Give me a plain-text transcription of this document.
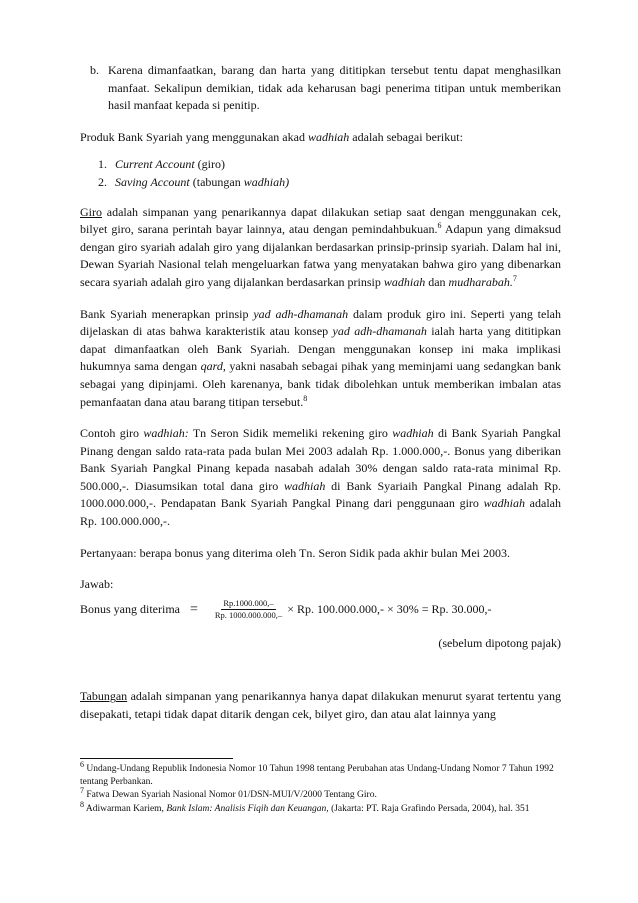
b. Karena dimanfaatkan, barang dan harta yang dititipkan tersebut tentu dapat menghasilkan manfaat. Sekalipun demikian, tidak ada keharusan bagi penerima titipan untuk memberikan hasil manfaat kepada si penitip.

Produk Bank Syariah yang menggunakan akad wadhiah adalah sebagai berikut:

1. Current Account (giro)
2. Saving Account (tabungan wadhiah)

Giro adalah simpanan yang penarikannya dapat dilakukan setiap saat dengan menggunakan cek, bilyet giro, sarana perintah bayar lainnya, atau dengan pemindahbukuan.$^6$ Adapun yang dimaksud dengan giro syariah adalah giro yang dijalankan berdasarkan prinsip-prinsip syariah. Dalam hal ini, Dewan Syariah Nasional telah mengeluarkan fatwa yang menyatakan bahwa giro yang dibenarkan secara syariah adalah giro yang dijalankan berdasarkan prinsip wadhiah dan mudharabah.$^7$

Bank Syariah menerapkan prinsip yad adh-dhamanah dalam produk giro ini. Seperti yang telah dijelaskan di atas bahwa karakteristik atau konsep yad adh-dhamanah ialah harta yang dititipkan dapat dimanfaatkan oleh Bank Syariah. Dengan menggunakan konsep ini maka implikasi hukumnya sama dengan qard, yakni nasabah sebagai pihak yang meminjami uang sedangkan bank sebagai yang dipinjami. Oleh karenanya, bank tidak dibolehkan untuk memberikan imbalan atas pemanfaatan dana atau barang titipan tersebut.$^8$

Contoh giro wadhiah: Tn Seron Sidik memeliki rekening giro wadhiah di Bank Syariah Pangkal Pinang dengan saldo rata-rata pada bulan Mei 2003 adalah Rp. 1.000.000,-. Bonus yang diberikan Bank Syariah Pangkal Pinang kepada nasabah adalah 30% dengan saldo rata-rata minimal Rp. 500.000,-. Diasumsikan total dana giro wadhiah di Bank Syariaih Pangkal Pinang adalah Rp. 1000.000.000,-. Pendapatan Bank Syariah Pangkal Pinang dari penggunaan giro wadhiah adalah Rp. 100.000.000,-.

Pertanyaan: berapa bonus yang diterima oleh Tn. Seron Sidik pada akhir bulan Mei 2003.

Jawab:

Bonus yang diterima = $\frac{Rp.1000.000,-}{Rp. 1000.000.000,-} \times Rp$. 100.000.000,- × 30% = Rp. 30.000,-

(sebelum dipotong pajak)

Tabungan adalah simpanan yang penarikannya hanya dapat dilakukan menurut syarat tertentu yang disepakati, tetapi tidak dapat ditarik dengan cek, bilyet giro, dan atau alat lainnya yang

$^6$ Undang-Undang Republik Indonesia Nomor 10 Tahun 1998 tentang Perubahan atas Undang-Undang Nomor 7 Tahun 1992 tentang Perbankan.
$^7$ Fatwa Dewan Syariah Nasional Nomor 01/DSN-MUI/V/2000 Tentang Giro.
$^8$ Adiwarman Kariem, Bank Islam: Analisis Fiqih dan Keuangan, (Jakarta: PT. Raja Grafindo Persada, 2004), hal. 351
